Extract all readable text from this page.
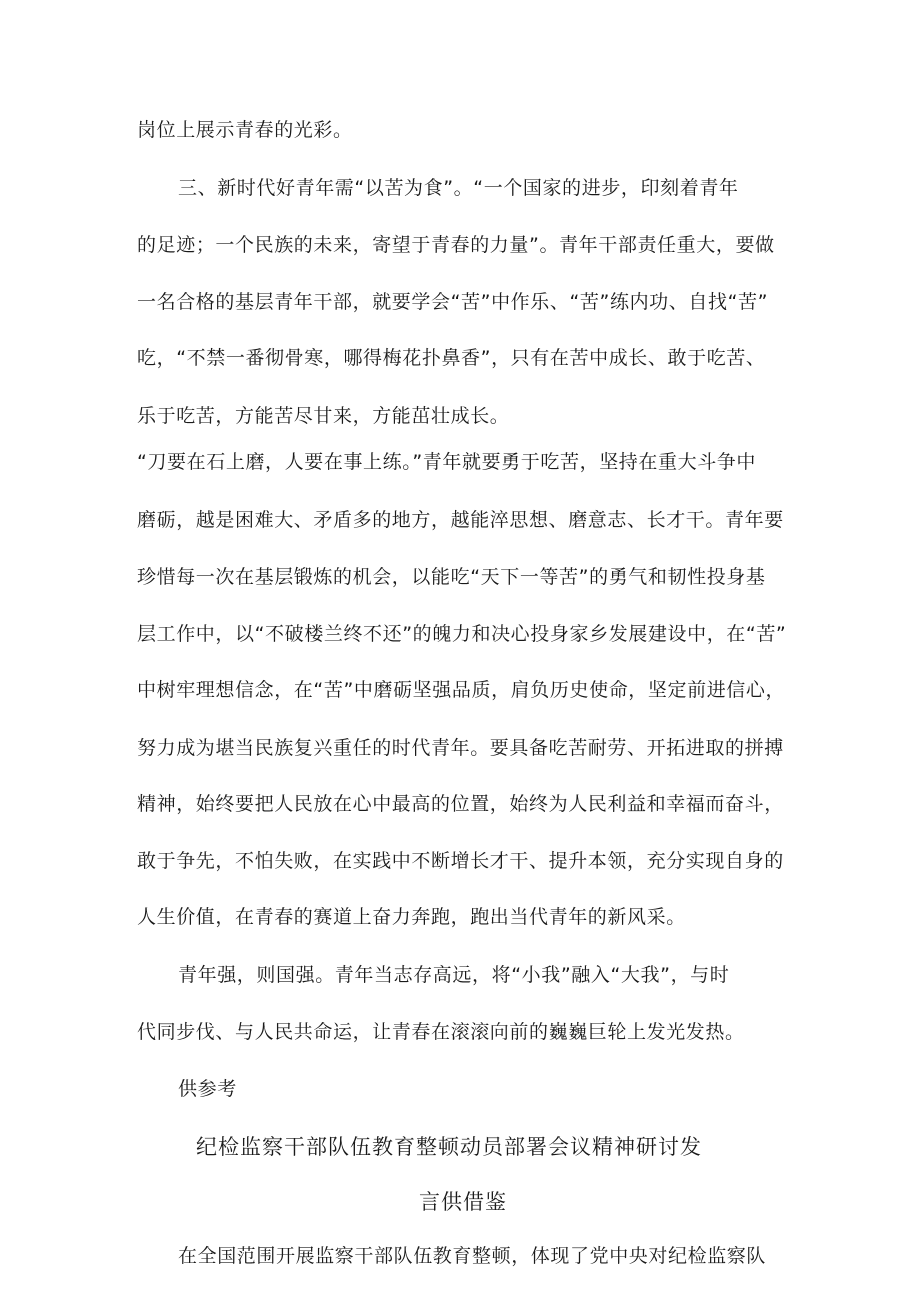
岗位上展示青春的光彩。
三、新时代好青年需“以苦为食”。“一个国家的进步，印刻着青年
的足迹；一个民族的未来，寄望于青春的力量”。青年干部责任重大，要做
一名合格的基层青年干部，就要学会“苦”中作乐、“苦”练内功、自找“苦”
吃，“不禁一番彻骨寒，哪得梅花扑鼻香”，只有在苦中成长、敢于吃苦、
乐于吃苦，方能苦尽甘来，方能茁壮成长。
“刀要在石上磨，人要在事上练。”青年就要勇于吃苦，坚持在重大斗争中
磨砺，越是困难大、矛盾多的地方，越能淬思想、磨意志、长才干。青年要
珍惜每一次在基层锻炼的机会，以能吃“天下一等苦”的勇气和韧性投身基
层工作中，以“不破楼兰终不还”的魄力和决心投身家乡发展建设中，在“苦”
中树牢理想信念，在“苦”中磨砺坚强品质，肩负历史使命，坚定前进信心，
努力成为堪当民族复兴重任的时代青年。要具备吃苦耐劳、开拓进取的拼搏
精神，始终要把人民放在心中最高的位置，始终为人民利益和幸福而奋斗，
敢于争先，不怕失败，在实践中不断增长才干、提升本领，充分实现自身的
人生价值，在青春的赛道上奋力奔跑，跑出当代青年的新风采。
青年强，则国强。青年当志存高远，将“小我”融入“大我”，与时
代同步伐、与人民共命运，让青春在滚滚向前的巍巍巨轮上发光发热。
供参考
纪检监察干部队伍教育整顿动员部署会议精神研讨发
言供借鉴
在全国范围开展监察干部队伍教育整顿，体现了党中央对纪检监察队
